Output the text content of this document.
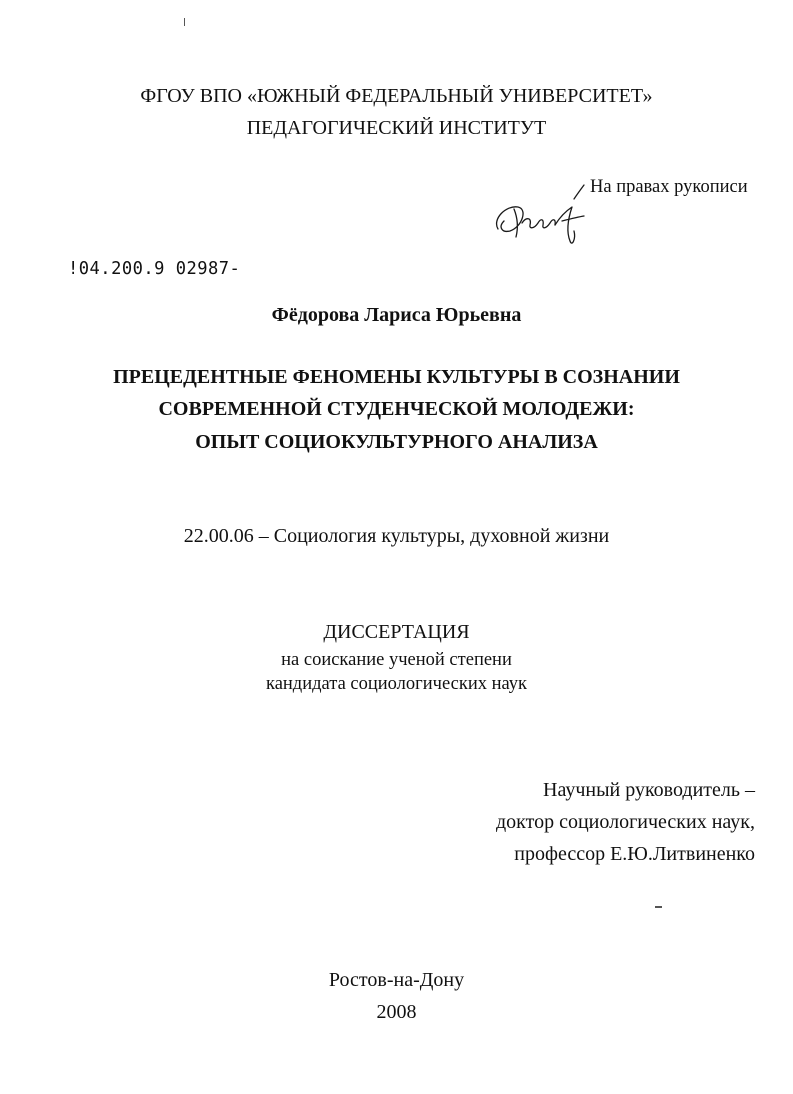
ФГОУ ВПО «ЮЖНЫЙ ФЕДЕРАЛЬНЫЙ УНИВЕРСИТЕТ»
ПЕДАГОГИЧЕСКИЙ ИНСТИТУТ
На правах рукописи
!04.200.9 02987-
Фёдорова Лариса Юрьевна
ПРЕЦЕДЕНТНЫЕ ФЕНОМЕНЫ КУЛЬТУРЫ В СОЗНАНИИ
СОВРЕМЕННОЙ СТУДЕНЧЕСКОЙ МОЛОДЕЖИ:
ОПЫТ СОЦИОКУЛЬТУРНОГО АНАЛИЗА
22.00.06 – Социология культуры, духовной жизни
ДИССЕРТАЦИЯ
на соискание ученой степени
кандидата социологических наук
Научный руководитель –
доктор социологических наук,
профессор Е.Ю.Литвиненко
Ростов-на-Дону
2008
